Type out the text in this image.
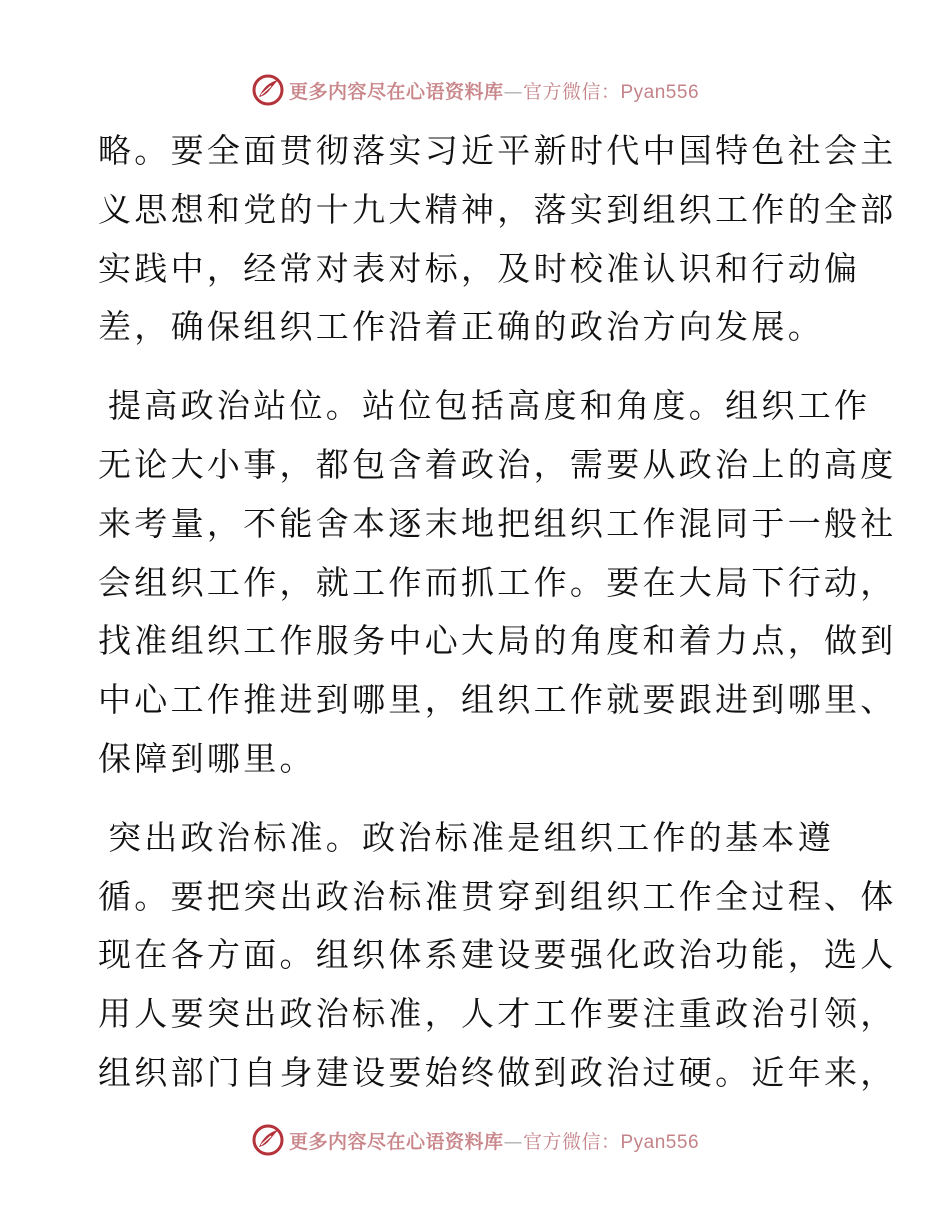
更多内容尽在心语资料库—官方微信：Pyan556

略。要全面贯彻落实习近平新时代中国特色社会主
义思想和党的十九大精神，落实到组织工作的全部
实践中，经常对表对标，及时校准认识和行动偏
差，确保组织工作沿着正确的政治方向发展。

提高政治站位。站位包括高度和角度。组织工作
无论大小事，都包含着政治，需要从政治上的高度
来考量，不能舍本逐末地把组织工作混同于一般社
会组织工作，就工作而抓工作。要在大局下行动，
找准组织工作服务中心大局的角度和着力点，做到
中心工作推进到哪里，组织工作就要跟进到哪里、
保障到哪里。

突出政治标准。政治标准是组织工作的基本遵
循。要把突出政治标准贯穿到组织工作全过程、体
现在各方面。组织体系建设要强化政治功能，选人
用人要突出政治标准，人才工作要注重政治引领，
组织部门自身建设要始终做到政治过硬。近年来，

更多内容尽在心语资料库—官方微信：Pyan556
